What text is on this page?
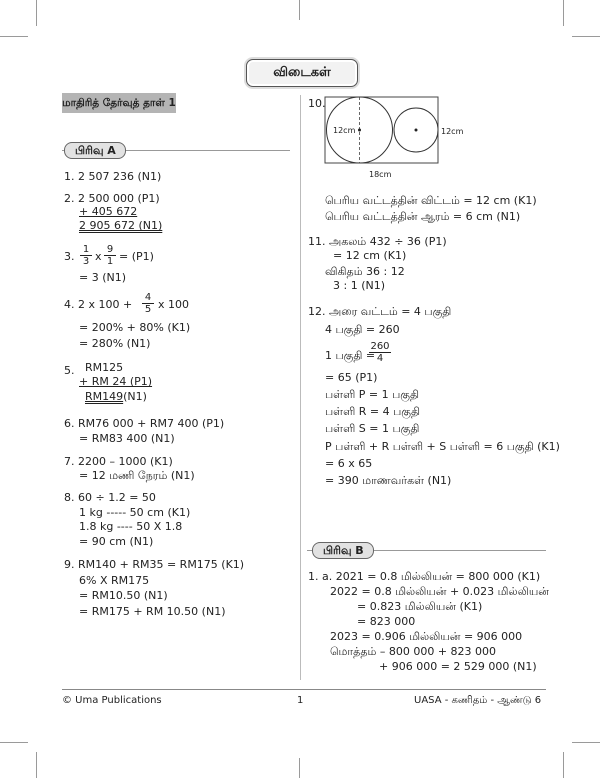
விடைகள்
மாதிரித் தேர்வுத் தாள் 1
பிரிவு A
1. 2 507 236 (N1)
2. 2 500 000 (P1)
+ 405 672
2 905 672 (N1)
3. $\frac{1}{3}$ x $\frac{9}{1} = (P1)$
= 3 (N1)
4. 2 x $100 + \frac{4}{5}$ x 100
= 200% + 80% (K1)
= 280% (N1)
5. RM125
+ RM 24 (P1)
RM149(N1)
6. RM76 000 + RM7 400 (P1)
= RM83 400 (N1)
7. 2200 – 1000 (K1)
= 12 மணி நேரம் (N1)
8. 60 ÷ 1.2 = 50
1 kg ----- 50 cm (K1)
1.8 kg ---- 50 X 1.8
= 90 cm (N1)
9. RM140 + RM35 = RM175 (K1)
6% X RM175
= RM10.50 (N1)
= RM175 + RM 10.50 (N1)
10.
12cm	12cm
18cm
பெரிய வட்டத்தின் விட்டம் = 12 cm (K1)
பெரிய வட்டத்தின் ஆரம் = 6 cm (N1)
11. அகலம் 432 ÷ 36 (P1)
= 12 cm (K1)
விகிதம் 36 : 12
3 : 1 (N1)
12. அரை வட்டம் = 4 பகுதி
4 பகுதி = 260
1 பகுதி =
$\frac{260}{4}$
= 65 (P1)
பள்ளி P = 1 பகுதி
பள்ளி R = 4 பகுதி
பள்ளி S = 1 பகுதி
P பள்ளி + R பள்ளி + S பள்ளி = 6 பகுதி (K1)
= 6 x 65
= 390 மாணவர்கள் (N1)
பிரிவு B
1. a. 2021 = 0.8 மில்லியன் = 800 000 (K1)
2022 = 0.8 மில்லியன் + 0.023 மில்லியன்
= 0.823 மில்லியன் (K1)
= 823 000
2023 = 0.906 மில்லியன் = 906 000
மொத்தம் – 800 000 + 823 000
+ 906 000 = 2 529 000 (N1)
© Uma Publications	1	UASA - கணிதம் - ஆண்டு 6
